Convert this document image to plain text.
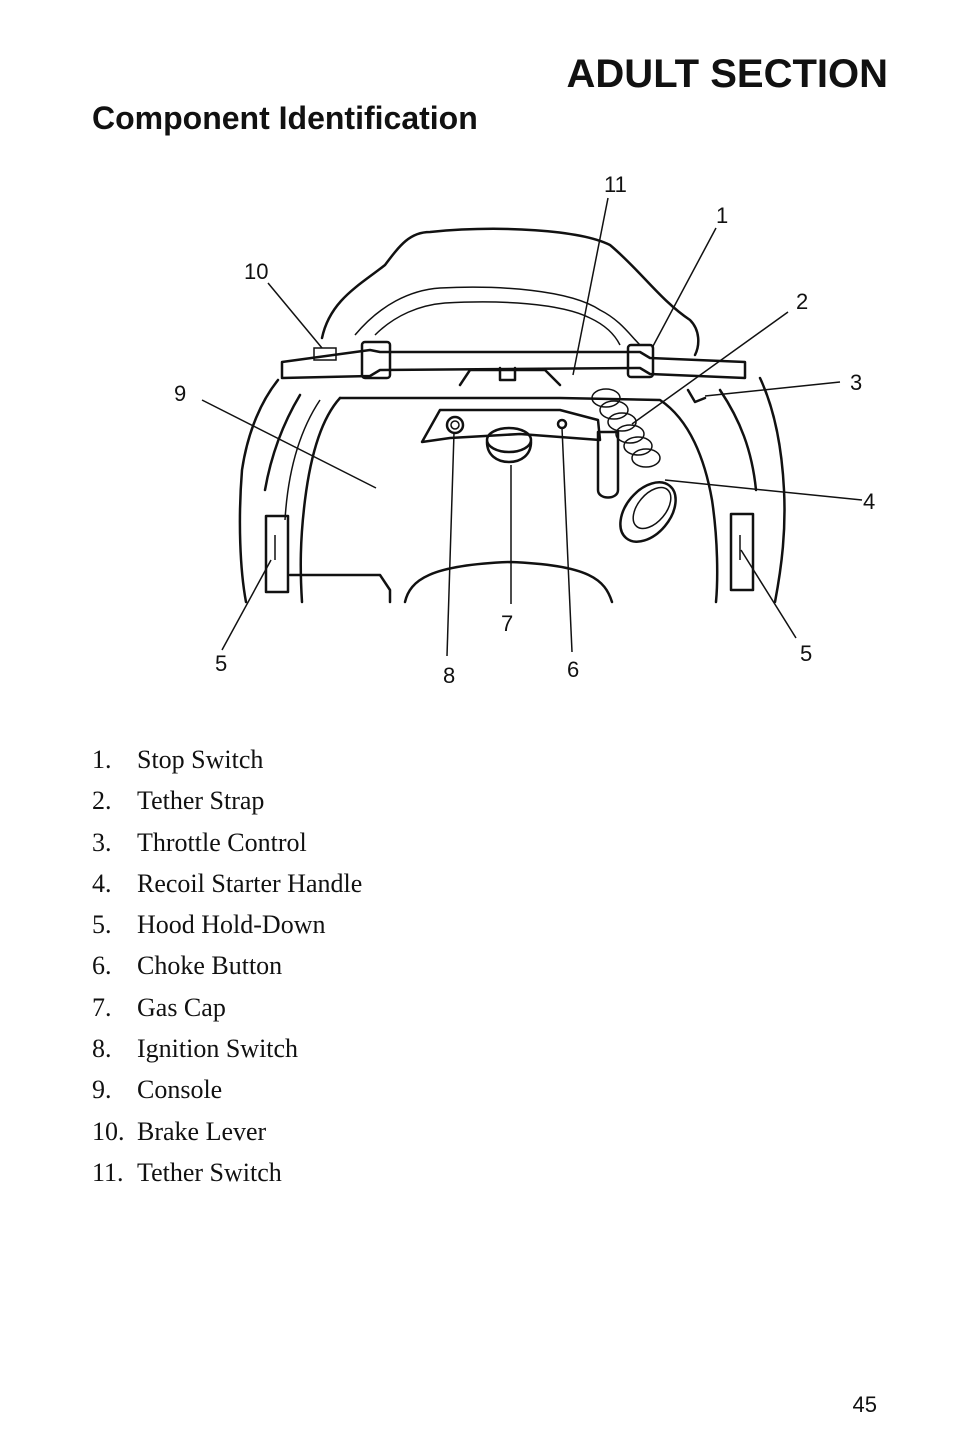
ADULT SECTION
Component Identification
11
1
10
2
9	3
4
5
7
5
8	6
1. Stop Switch
2. Tether Strap
3. Throttle Control
4. Recoil Starter Handle
5. Hood Hold-Down
6. Choke Button
7. Gas Cap
8. Ignition Switch
9. Console
10. Brake Lever
11. Tether Switch
45
